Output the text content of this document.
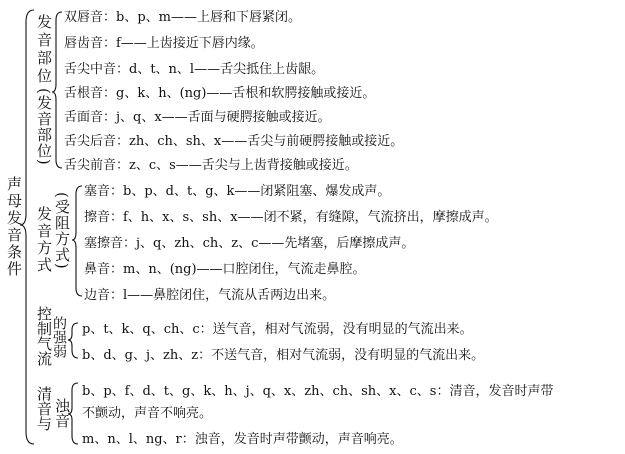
声母发音条件
发音部位
(发音部位)
双唇音：b、p、m——上唇和下唇紧闭。
唇齿音：f——上齿接近下唇内缘。
舌尖中音：d、t、n、l——舌尖抵住上齿龈。
舌根音：g、k、h、(ng)——舌根和软腭接触或接近。
舌面音：j、q、x——舌面与硬腭接触或接近。
舌尖后音：zh、ch、sh、x——舌尖与前硬腭接触或接近。
舌尖前音：z、c、s——舌尖与上齿背接触或接近。
发音方式 (受阻方式)
塞音：b、p、d、t、g、k——闭紧阻塞、爆发成声。
擦音：f、h、x、s、sh、x——闭不紧，有缝隙，气流挤出，摩擦成声。
塞擦音：j、q、zh、ch、z、c——先堵塞，后摩擦成声。
鼻音：m、n、(ng)——口腔闭住，气流走鼻腔。
边音：l——鼻腔闭住，气流从舌两边出来。
控制气流
的强弱 p、t、k、q、ch、c：送气音，相对气流弱，没有明显的气流出来。
b、d、g、j、zh、z：不送气音，相对气流弱，没有明显的气流出来。
清音与 浊音
b、p、f、d、t、g、k、h、j、q、x、zh、ch、sh、x、c、s：清音，发音时声带
不颤动，声音不响亮。
m、n、l、ng、r：浊音，发音时声带颤动，声音响亮。
